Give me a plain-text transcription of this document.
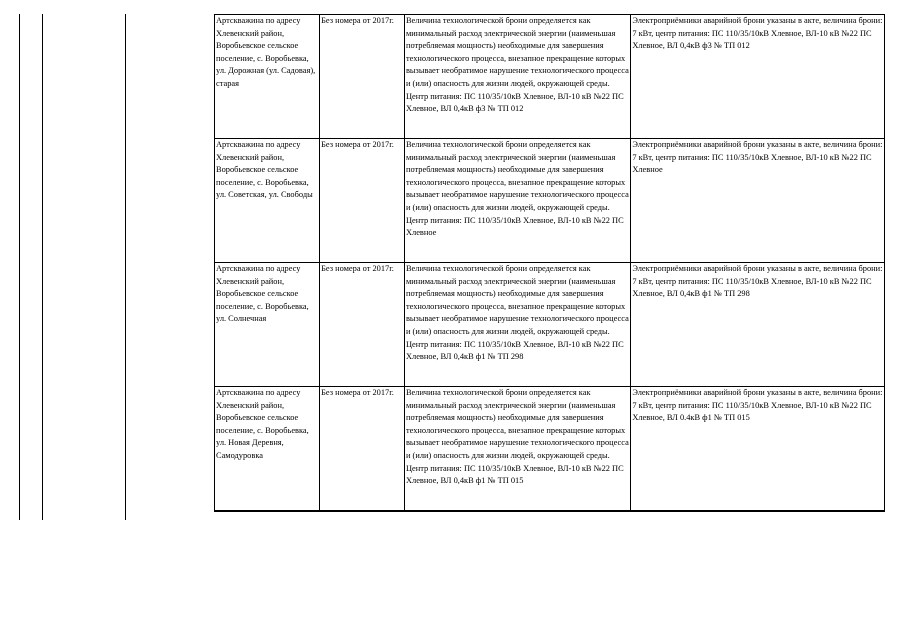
Артскважина по адресу Хлевенский район, Воробьевское сельское поселение, с. Воробьевка, ул. Дорожная (ул. Садовая), старая	Без номера от 2017г.	Величина технологической брони определяется как минимальный расход электрической энергии (наименьшая потребляемая мощность) необходимые для завершения технологического процесса, внезапное прекращение которых вызывает необратимое нарушение технологического процесса и (или) опасность для жизни людей, окружающей среды. Центр питания: ПС 110/35/10кВ Хлевное, ВЛ-10 кВ №22 ПС Хлевное, ВЛ 0,4кВ ф3 № ТП 012	Электроприёмники аварийной брони указаны в акте, величина брони: 7 кВт, центр питания: ПС 110/35/10кВ Хлевное, ВЛ-10 кВ №22 ПС Хлевное, ВЛ 0,4кВ ф3 № ТП 012
Артскважина по адресу Хлевенский район, Воробьевское сельское поселение, с. Воробьевка, ул. Советская, ул. Свободы	Без номера от 2017г.	Величина технологической брони определяется как минимальный расход электрической энергии (наименьшая потребляемая мощность) необходимые для завершения технологического процесса, внезапное прекращение которых вызывает необратимое нарушение технологического процесса и (или) опасность для жизни людей, окружающей среды. Центр питания: ПС 110/35/10кВ Хлевное, ВЛ-10 кВ №22 ПС Хлевное	Электроприёмники аварийной брони указаны в акте, величина брони: 7 кВт, центр питания: ПС 110/35/10кВ Хлевное, ВЛ-10 кВ №22 ПС Хлевное
Артскважина по адресу Хлевенский район, Воробьевское сельское поселение, с. Воробьевка, ул. Солнечная	Без номера от 2017г.	Величина технологической брони определяется как минимальный расход электрической энергии (наименьшая потребляемая мощность) необходимые для завершения технологического процесса, внезапное прекращение которых вызывает необратимое нарушение технологического процесса и (или) опасность для жизни людей, окружающей среды. Центр питания: ПС 110/35/10кВ Хлевное, ВЛ-10 кВ №22 ПС Хлевное, ВЛ 0,4кВ ф1 № ТП 298	Электроприёмники аварийной брони указаны в акте, величина брони: 7 кВт, центр питания: ПС 110/35/10кВ Хлевное, ВЛ-10 кВ №22 ПС Хлевное, ВЛ 0,4кВ ф1 № ТП 298
Артскважина по адресу Хлевенский район, Воробьевское сельское поселение, с. Воробьевка, ул. Новая Деревня, Самодуровка	Без номера от 2017г.	Величина технологической брони определяется как минимальный расход электрической энергии (наименьшая потребляемая мощность) необходимые для завершения технологического процесса, внезапное прекращение которых вызывает необратимое нарушение технологического процесса и (или) опасность для жизни людей, окружающей среды. Центр питания: ПС 110/35/10кВ Хлевное, ВЛ-10 кВ №22 ПС Хлевное, ВЛ 0,4кВ ф1 № ТП 015	Электроприёмники аварийной брони указаны в акте, величина брони: 7 кВт, центр питания: ПС 110/35/10кВ Хлевное, ВЛ-10 кВ №22 ПС Хлевное, ВЛ 0.4кВ ф1 № ТП 015
